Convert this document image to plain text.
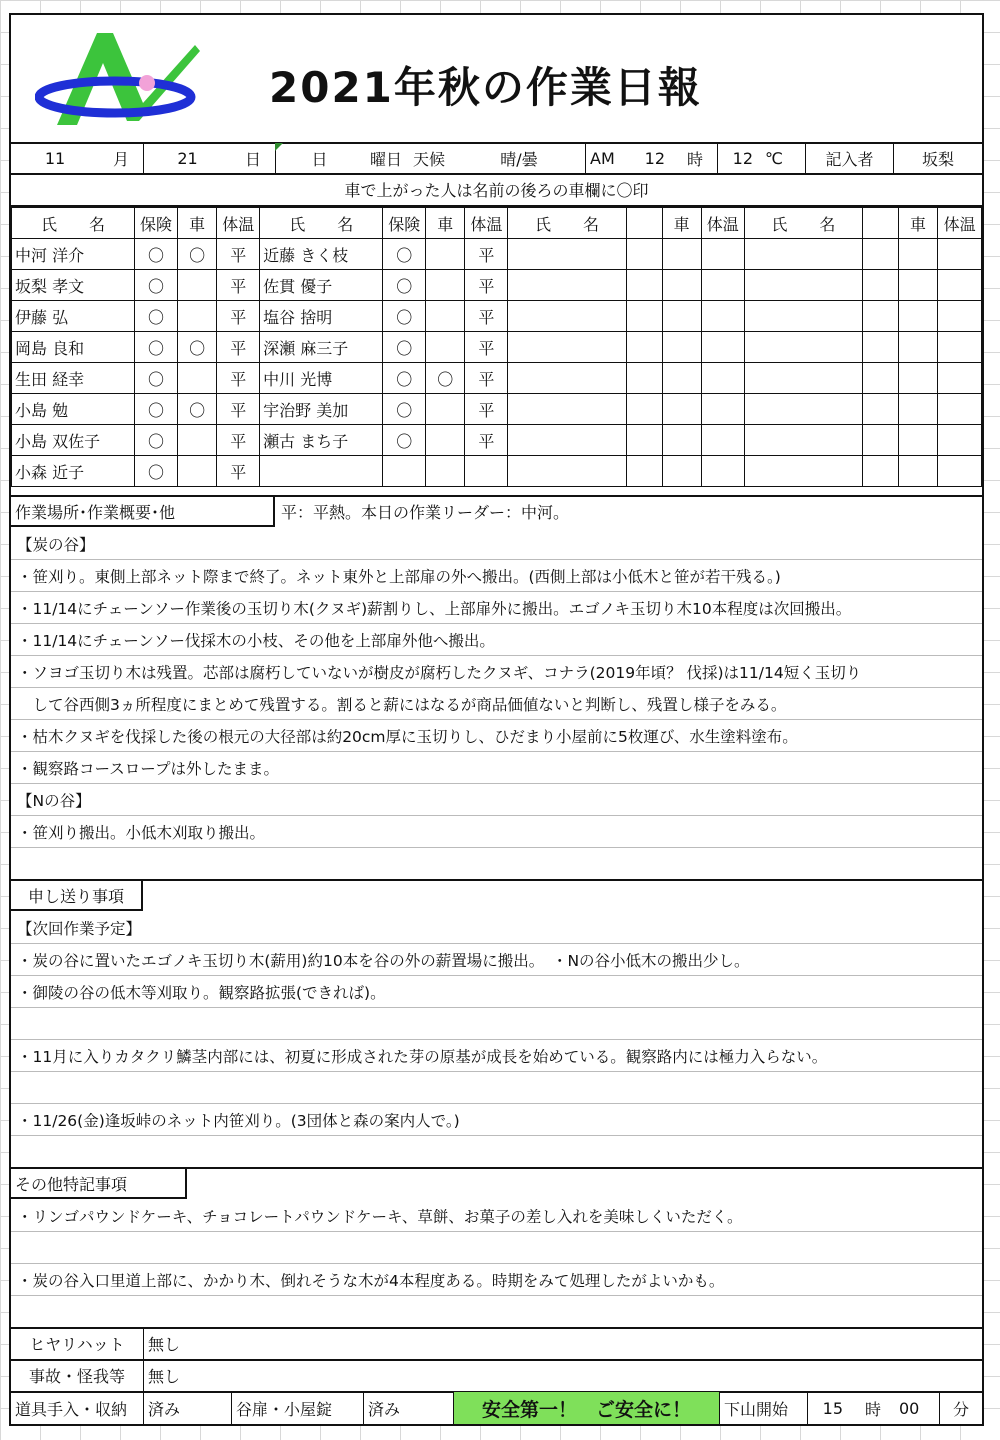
2021年秋の作業日報
11	月	21	日	日	曜日 天候	晴/曇	AM	12	時	12 ℃	記入者	坂梨
車で上がった人は名前の後ろの車欄に〇印
氏　　名	保険	車	体温	氏　　名	保険	車	体温	氏　　名		車	体温	氏　　名		車	体温
中河 洋介	〇	〇	平	近藤 きく枝	〇		平								
坂梨 孝文	〇		平	佐貫 優子	〇		平								
伊藤 弘	〇		平	塩谷 捨明	〇		平								
岡島 良和	〇	〇	平	深瀬 麻三子	〇		平								
生田 経幸	〇		平	中川 光博	〇	〇	平								
小島 勉	〇	〇	平	宇治野 美加	〇		平								
小島 双佐子	〇		平	瀬古 まち子	〇		平								
小森 近子	〇		平												
作業場所･作業概要･他	平：平熱。本日の作業リーダー：中河。
【炭の谷】
・笹刈り。東側上部ネット際まで終了。ネット東外と上部扉の外へ搬出。(西側上部は小低木と笹が若干残る。)
・11/14にチェーンソー作業後の玉切り木(クヌギ)薪割りし、上部扉外に搬出。エゴノキ玉切り木10本程度は次回搬出。
・11/14にチェーンソー伐採木の小枝、その他を上部扉外他へ搬出。
・ソヨゴ玉切り木は残置。芯部は腐朽していないが樹皮が腐朽したクヌギ、コナラ(2019年頃？ 伐採)は11/14短く玉切り
　して谷西側3ヵ所程度にまとめて残置する。割ると薪にはなるが商品価値ないと判断し、残置し様子をみる。
・枯木クヌギを伐採した後の根元の大径部は約20cm厚に玉切りし、ひだまり小屋前に5枚運び、水生塗料塗布。
・観察路コースロープは外したまま。
【Nの谷】
・笹刈り搬出。小低木刈取り搬出。
申し送り事項
【次回作業予定】
・炭の谷に置いたエゴノキ玉切り木(薪用)約10本を谷の外の薪置場に搬出。　・Nの谷小低木の搬出少し。
・御陵の谷の低木等刈取り。観察路拡張(できれば)。
・11月に入りカタクリ鱗茎内部には、初夏に形成された芽の原基が成長を始めている。観察路内には極力入らない。
・11/26(金)逢坂峠のネット内笹刈り。(3団体と森の案内人で。)
その他特記事項
・リンゴパウンドケーキ、チョコレートパウンドケーキ、草餅、お菓子の差し入れを美味しくいただく。
・炭の谷入口里道上部に、かかり木、倒れそうな木が4本程度ある。時期をみて処理したがよいかも。
ヒヤリハット	無し
事故・怪我等	無し
道具手入・収納	済み	谷扉・小屋錠	済み	安全第一！　ご安全に！	下山開始	15	時	00	分
